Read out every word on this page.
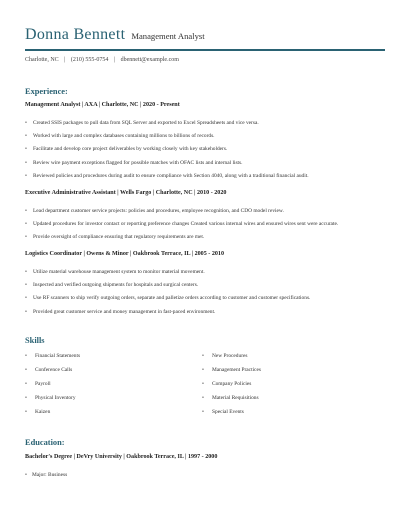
Donna Bennett Management Analyst
Charlotte, NC | (210) 555-0754 | dbennett@example.com
Experience:
Management Analyst | AXA | Charlotte, NC | 2020 - Present
• Created SSIS packages to pull data from SQL Server and exported to Excel Spreadsheets and vice versa.
• Worked with large and complex databases containing millions to billions of records.
• Facilitate and develop core project deliverables by working closely with key stakeholders.
• Review wire payment exceptions flagged for possible matches with OFAC lists and internal lists.
• Reviewed policies and procedures during audit to ensure compliance with Section 4040, along with a traditional financial audit.
Executive Administrative Assistant | Wells Fargo | Charlotte, NC | 2010 - 2020
• Lead department customer service projects: policies and procedures, employee recognition, and CDO model review.
• Updated procedures for investor contact or reporting preference changes Created various internal wires and ensured wires sent were accurate.
• Provide oversight of compliance ensuring that regulatory requirements are met.
Logistics Coordinator | Owens & Minor | Oakbrook Terrace, IL | 2005 - 2010
• Utilize material warehouse management system to monitor material movement.
• Inspected and verified outgoing shipments for hospitals and surgical centers.
• Use RF scanners to ship verify outgoing orders, separate and palletize orders according to customer and customer specifications.
• Provided great customer service and money management in fast-paced environment.
Skills
• Financial Statements
• Conference Calls
• Payroll
• Physical Inventory
• Kaizen
• New Procedures
• Management Practices
• Company Policies
• Material Requisitions
• Special Events
Education:
Bachelor's Degree | DeVry University | Oakbrook Terrace, IL | 1997 - 2000
• Major: Business
